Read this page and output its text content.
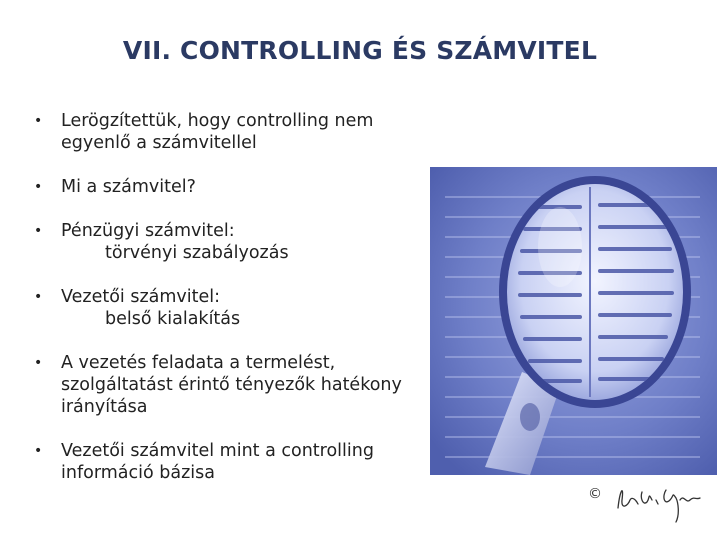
VII. CONTROLLING ÉS SZÁMVITEL
• Lerögzítettük, hogy controlling nem
egyenlő a számvitellel
• Mi a számvitel?
• Pénzügyi számvitel:
törvényi szabályozás
• Vezetői számvitel:
belső kialakítás
• A vezetés feladata a termelést,
szolgáltatást érintő tényezők hatékony
irányítása
• Vezetői számvitel mint a controlling
információ bázisa
©
